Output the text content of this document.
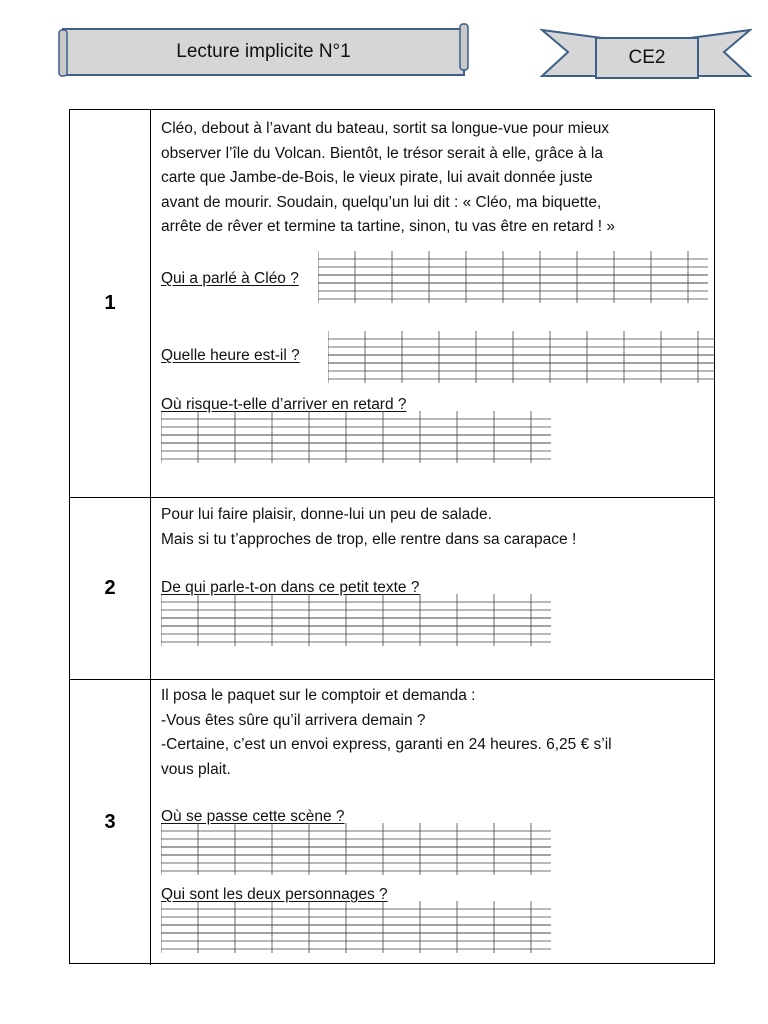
Lecture implicite N°1	CE2
1
Cléo, debout à l’avant du bateau, sortit sa longue-vue pour mieux
observer l’île du Volcan. Bientôt, le trésor serait à elle, grâce à la
carte que Jambe-de-Bois, le vieux pirate, lui avait donnée juste
avant de mourir. Soudain, quelqu’un lui dit : « Cléo, ma biquette,
arrête de rêver et termine ta tartine, sinon, tu vas être en retard ! »
Qui a parlé à Cléo ?
Quelle heure est-il ?
Où risque-t-elle d’arriver en retard ?
2
Pour lui faire plaisir, donne-lui un peu de salade.
Mais si tu t’approches de trop, elle rentre dans sa carapace !
De qui parle-t-on dans ce petit texte ?
3
Il posa le paquet sur le comptoir et demanda :
-Vous êtes sûre qu’il arrivera demain ?
-Certaine, c’est un envoi express, garanti en 24 heures. 6,25 € s’il
vous plait.
Où se passe cette scène ?
Qui sont les deux personnages ?
